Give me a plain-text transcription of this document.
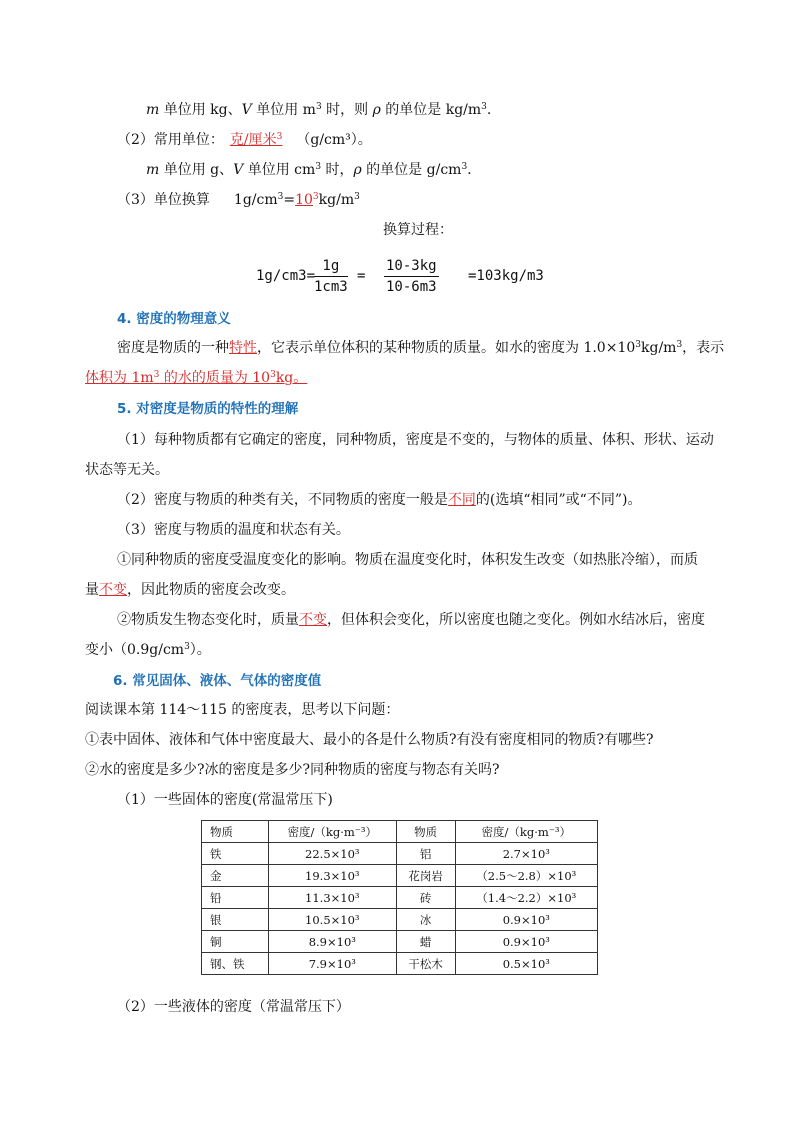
m 单位用 kg、V 单位用 $m^3$ 时，则 ρ 的单位是 $kg/m^3$.
（2）常用单位： 克/厘米$^3$ （g/cm³）。
m 单位用 g、V 单位用 $cm^3$ 时，ρ 的单位是 $g/cm^3$.
（3）单位换算 $1g/cm^3=10^3kg/m^3$
换算过程：
1g/cm3=
$\frac{1g}{1cm3} = \frac{10-3kg}{10-6m3} =103kg/m3$
4. 密度的物理意义
密度是物质的一种特性，它表示单位体积的某种物质的质量。如水的密度为 $1.0\times 10^3kg/m^3$，表示
体积为 $1m^3$ 的水的质量为 $10^3kg$。
5. 对密度是物质的特性的理解
（1）每种物质都有它确定的密度，同种物质，密度是不变的，与物体的质量、体积、形状、运动
状态等无关。
（2）密度与物质的种类有关，不同物质的密度一般是不同的(选填“相同”或“不同”)。
（3）密度与物质的温度和状态有关。
①同种物质的密度受温度变化的影响。物质在温度变化时，体积发生改变（如热胀冷缩），而质
量不变，因此物质的密度会改变。
②物质发生物态变化时，质量不变，但体积会变化，所以密度也随之变化。例如水结冰后，密度
变小$(0.9g/cm^3)$。
6. 常见固体、液体、气体的密度值
阅读课本第 114～115 的密度表，思考以下问题：
①表中固体、液体和气体中密度最大、最小的各是什么物质?有没有密度相同的物质?有哪些?
②水的密度是多少?冰的密度是多少?同种物质的密度与物态有关吗?
（1）一些固体的密度(常温常压下)
物质	密度/（kg·m⁻³）	物质	密度/（kg·m⁻³）
铁	22.5×10³	铝	2.7×10³
金	19.3×10³	花岗岩	（2.5～2.8）×10³
铅	11.3×10³	砖	（1.4～2.2）×10³
银	10.5×10³	冰	0.9×10³
铜	8.9×10³	蜡	0.9×10³
钢、铁	7.9×10³	干松木	0.5×10³
（2）一些液体的密度（常温常压下）
